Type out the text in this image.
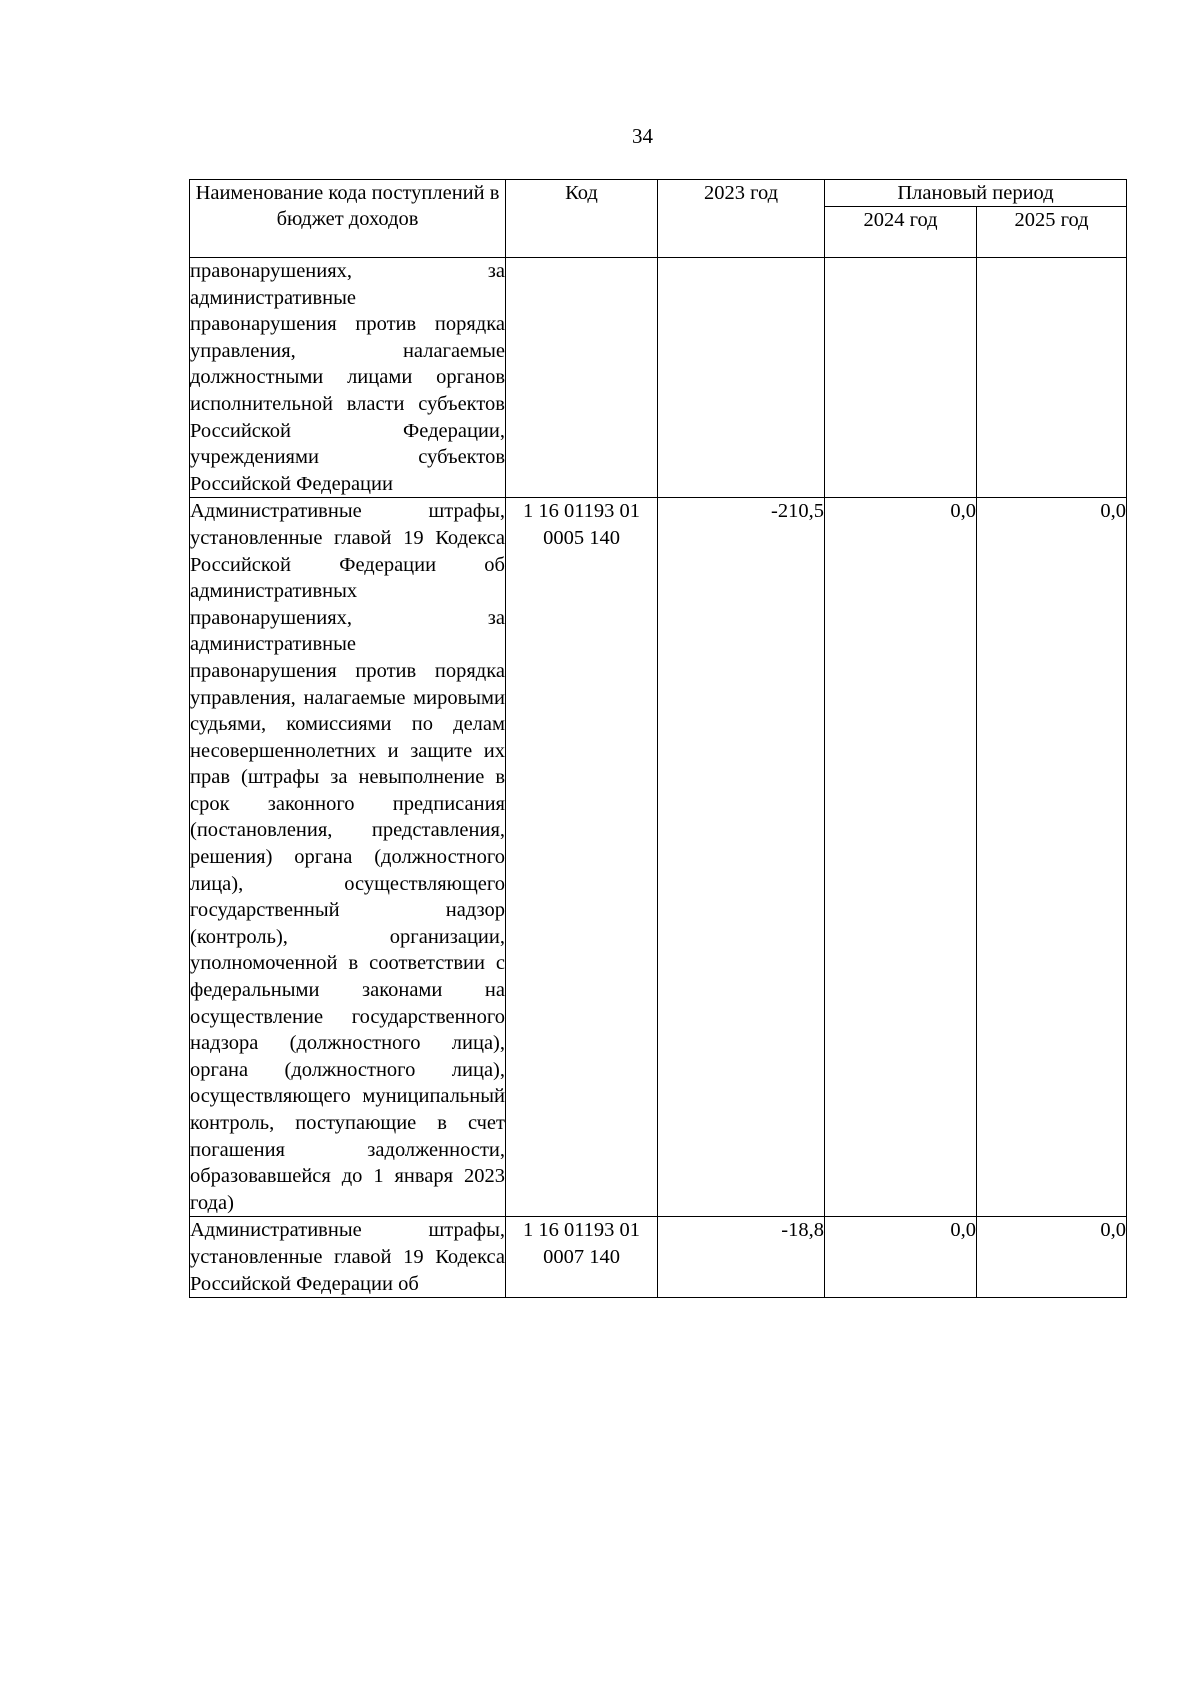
34
Наименование кода поступлений в бюджет доходов	Код	2023 год	Плановый период	
			2024 год	2025 год
правонарушениях, за административные правонарушения против порядка управления, налагаемые должностными лицами органов исполнительной власти субъектов Российской Федерации, учреждениями субъектов Российской Федерации				
Административные штрафы, установленные главой 19 Кодекса Российской Федерации об административных правонарушениях, за административные правонарушения против порядка управления, налагаемые мировыми судьями, комиссиями по делам несовершеннолетних и защите их прав (штрафы за невыполнение в срок законного предписания (постановления, представления, решения) органа (должностного лица), осуществляющего государственный надзор (контроль), организации, уполномоченной в соответствии с федеральными законами на осуществление государственного надзора (должностного лица), органа (должностного лица), осуществляющего муниципальный контроль, поступающие в счет погашения задолженности, образовавшейся до 1 января 2023 года)	1 16 01193 01 0005 140	-210,5	0,0	0,0
Административные штрафы, установленные главой 19 Кодекса Российской Федерации об	1 16 01193 01 0007 140	-18,8	0,0	0,0
